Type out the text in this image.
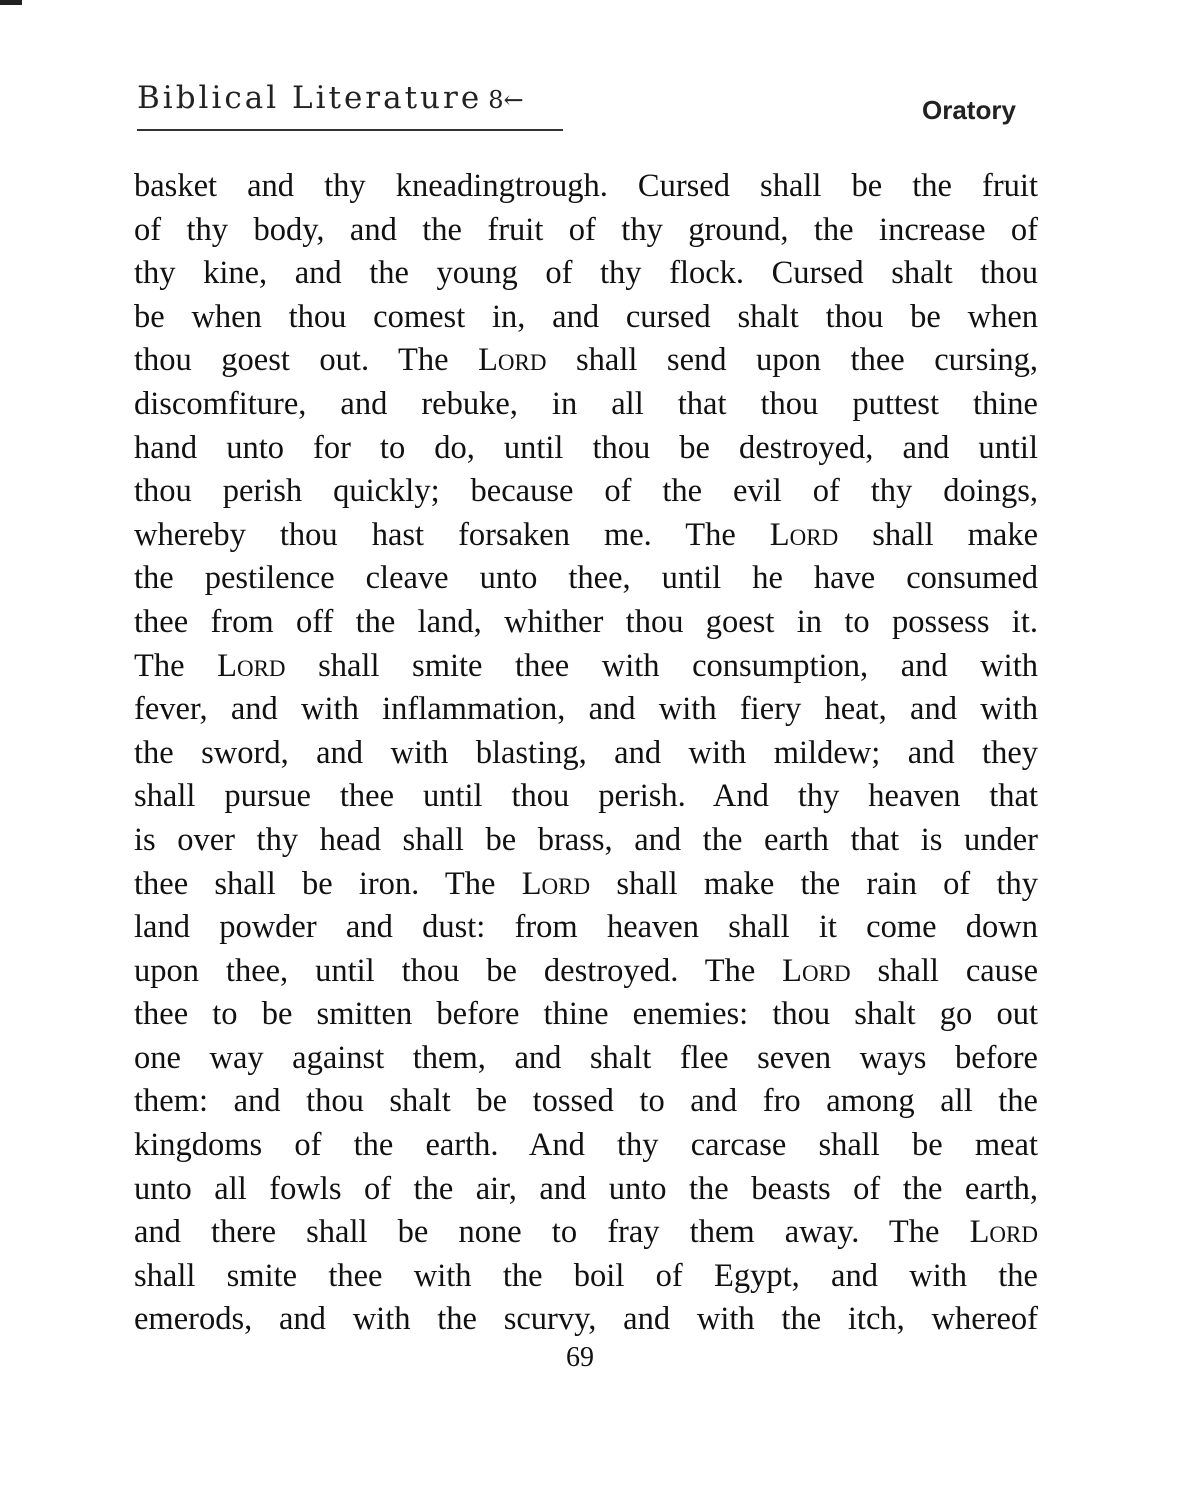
Biblical Literature 8←	Oratory
basket and thy kneadingtrough. Cursed shall be the fruit
of thy body, and the fruit of thy ground, the increase of
thy kine, and the young of thy flock. Cursed shalt thou
be when thou comest in, and cursed shalt thou be when
thou goest out. The Lord shall send upon thee cursing,
discomfiture, and rebuke, in all that thou puttest thine
hand unto for to do, until thou be destroyed, and until
thou perish quickly; because of the evil of thy doings,
whereby thou hast forsaken me. The Lord shall make
the pestilence cleave unto thee, until he have consumed
thee from off the land, whither thou goest in to possess it.
The Lord shall smite thee with consumption, and with
fever, and with inflammation, and with fiery heat, and with
the sword, and with blasting, and with mildew; and they
shall pursue thee until thou perish. And thy heaven that
is over thy head shall be brass, and the earth that is under
thee shall be iron. The Lord shall make the rain of thy
land powder and dust: from heaven shall it come down
upon thee, until thou be destroyed. The Lord shall cause
thee to be smitten before thine enemies: thou shalt go out
one way against them, and shalt flee seven ways before
them: and thou shalt be tossed to and fro among all the
kingdoms of the earth. And thy carcase shall be meat
unto all fowls of the air, and unto the beasts of the earth,
and there shall be none to fray them away. The Lord
shall smite thee with the boil of Egypt, and with the
emerods, and with the scurvy, and with the itch, whereof
69
